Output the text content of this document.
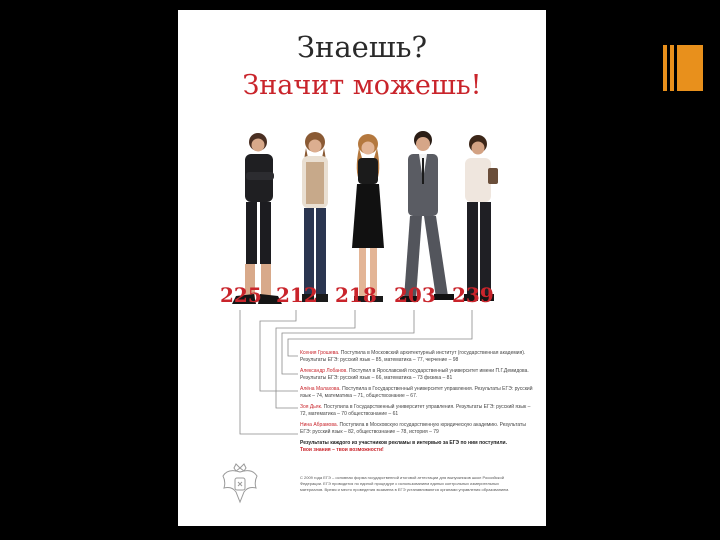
Знаешь?
Значит можешь!
225 212 218 203 239
Ксения Грошева. Поступила в Московский архитектурный институт (государственная академия). Результаты ЕГЭ: русский язык – 85, математика – 77, черчение – 98
Александр Лобанов. Поступил в Ярославский государственный университет имени П.Г.Демидова. Результаты ЕГЭ: русский язык – 66, математика – 73 физика – 81
Алёна Малахова. Поступила в Государственный университет управления. Результаты ЕГЭ: русский язык – 74, математика – 71, обществознание – 67.
Зоя Дьяк. Поступила в Государственный университет управления. Результаты ЕГЭ: русский язык – 72, математика – 70 обществознание – 61
Нина Абрамова. Поступила в Московскую государственную юридическую академию. Результаты ЕГЭ: русский язык – 82, обществознание – 78, история – 79
Результаты каждого из участников рекламы в интервью за ЕГЭ по ним поступили.
Твои знания – твои возможности!
С 2009 года ЕГЭ – основная форма государственной итоговой аттестации для выпускников школ Российской Федерации. ЕГЭ проводится по единой процедуре с использованием единых контрольных измерительных материалов. Время и место проведения экзамена в ЕГЭ устанавливаются органами управления образованием.
